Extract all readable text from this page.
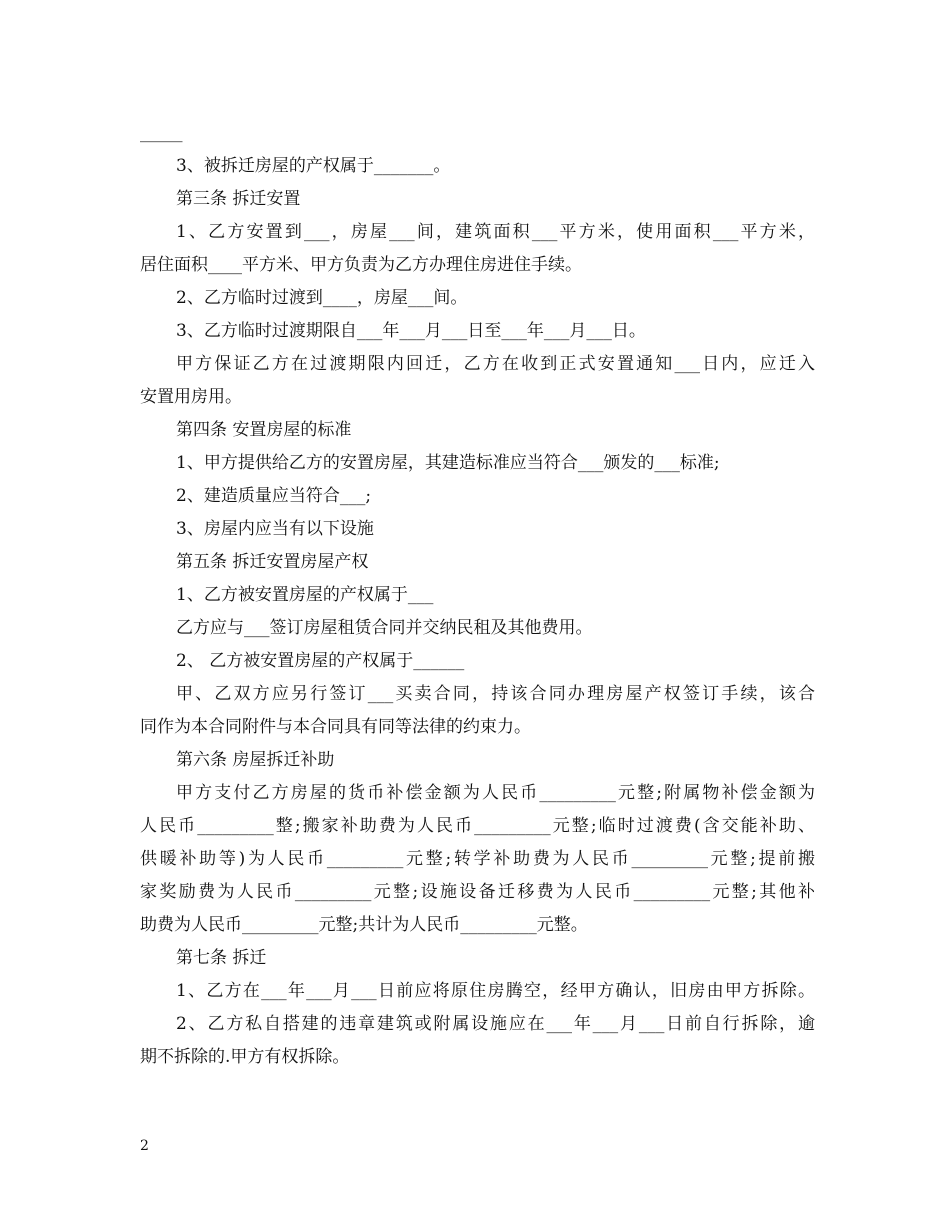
_____
3、被拆迁房屋的产权属于_______。
第三条 拆迁安置
1、乙方安置到___，房屋___间，建筑面积___平方米，使用面积___平方米，
居住面积____平方米、甲方负责为乙方办理住房进住手续。
2、乙方临时过渡到____，房屋___间。
3、乙方临时过渡期限自___年___月___日至___年___月___日。
甲方保证乙方在过渡期限内回迁，乙方在收到正式安置通知___日内，应迁入
安置用房用。
第四条 安置房屋的标准
1、甲方提供给乙方的安置房屋，其建造标准应当符合___颁发的___标准;
2、建造质量应当符合___;
3、房屋内应当有以下设施
第五条 拆迁安置房屋产权
1、乙方被安置房屋的产权属于___
乙方应与___签订房屋租赁合同并交纳民租及其他费用。
2、 乙方被安置房屋的产权属于______
甲、乙双方应另行签订___买卖合同，持该合同办理房屋产权签订手续，该合
同作为本合同附件与本合同具有同等法律的约束力。
第六条 房屋拆迁补助
甲方支付乙方房屋的货币补偿金额为人民币_________元整;附属物补偿金额为
人民币_________整;搬家补助费为人民币_________元整;临时过渡费(含交能补助、
供暖补助等)为人民币_________元整;转学补助费为人民币_________元整;提前搬
家奖励费为人民币_________元整;设施设备迁移费为人民币_________元整;其他补
助费为人民币_________元整;共计为人民币_________元整。
第七条 拆迁
1、乙方在___年___月___日前应将原住房腾空，经甲方确认，旧房由甲方拆除。
2、乙方私自搭建的违章建筑或附属设施应在___年___月___日前自行拆除，逾
期不拆除的.甲方有权拆除。
2
